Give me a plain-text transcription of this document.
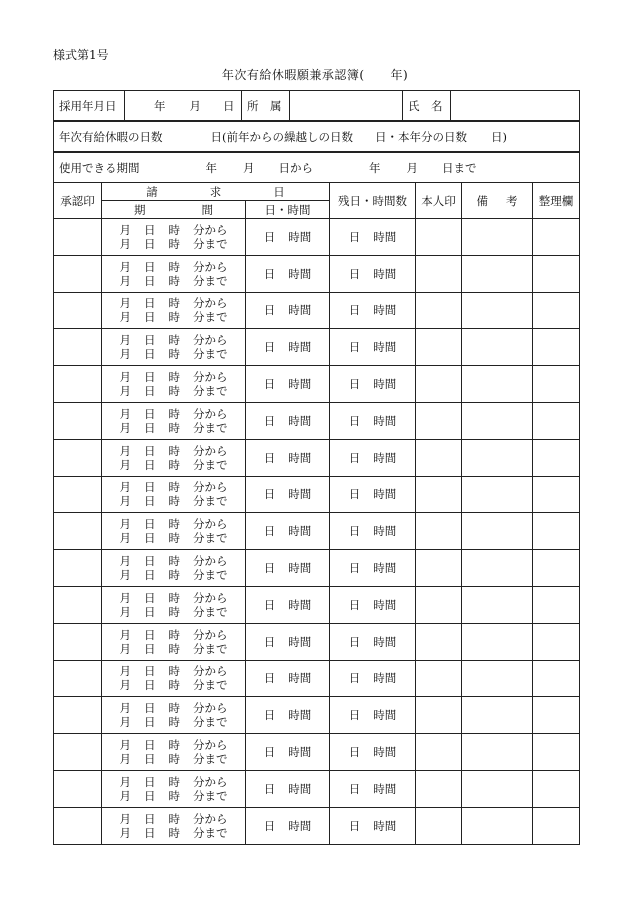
様式第1号
年次有給休暇願兼承認簿( 年)
採用年月日	年 月 日	所　属		氏　名	
年次有給休暇の日数	日(前年からの繰越しの日数 日・本年分の日数 日)
使用できる期間	年 月 日から	年 月 日まで
承認印	請 求 日		残日・時間数	本人印	備 考	整理欄
	期 間	日・時間				

	月 日 時 分から
月 日 時 分まで	日 時間	日 時間			

	月 日 時 分から
月 日 時 分まで	日 時間	日 時間			

	月 日 時 分から
月 日 時 分まで	日 時間	日 時間			

	月 日 時 分から
月 日 時 分まで	日 時間	日 時間			

	月 日 時 分から
月 日 時 分まで	日 時間	日 時間			

	月 日 時 分から
月 日 時 分まで	日 時間	日 時間			

	月 日 時 分から
月 日 時 分まで	日 時間	日 時間			

	月 日 時 分から
月 日 時 分まで	日 時間	日 時間			

	月 日 時 分から
月 日 時 分まで	日 時間	日 時間			

	月 日 時 分から
月 日 時 分まで	日 時間	日 時間			

	月 日 時 分から
月 日 時 分まで	日 時間	日 時間			

	月 日 時 分から
月 日 時 分まで	日 時間	日 時間			

	月 日 時 分から
月 日 時 分まで	日 時間	日 時間			

	月 日 時 分から
月 日 時 分まで	日 時間	日 時間			

	月 日 時 分から
月 日 時 分まで	日 時間	日 時間			

	月 日 時 分から
月 日 時 分まで	日 時間	日 時間			

	月 日 時 分から
月 日 時 分まで	日 時間	日 時間			
